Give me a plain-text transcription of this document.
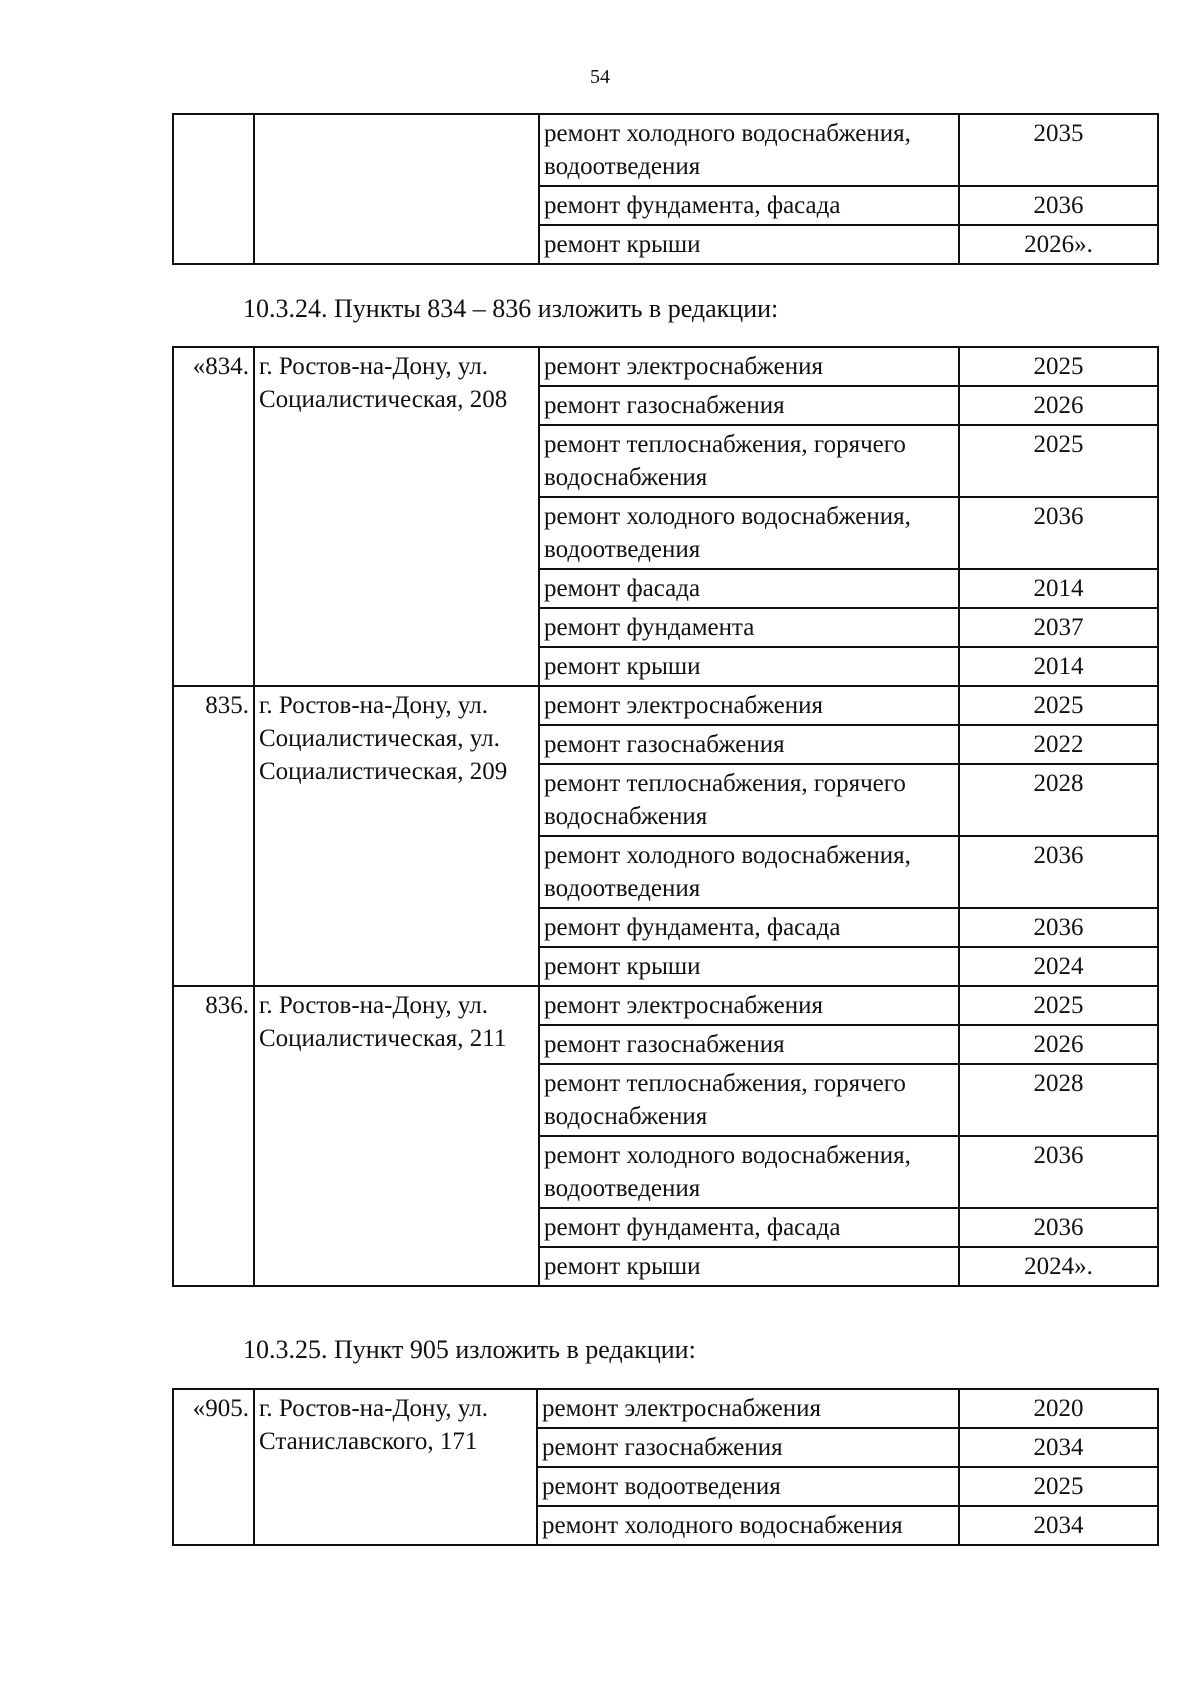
54

		ремонт холодного водоснабжения, водоотведения	2035
		ремонт фундамента, фасада	2036
		ремонт крыши	2026».
10.3.24. Пункты 834 – 836 изложить в редакции:
«834.	г. Ростов-на-Дону, ул. Социалистическая, 208	ремонт электроснабжения	2025
		ремонт газоснабжения	2026

		ремонт теплоснабжения, горячего водоснабжения	2025

		ремонт холодного водоснабжения, водоотведения	2036
		ремонт фасада	2014
		ремонт фундамента	2037
		ремонт крыши	2014
835.	г. Ростов-на-Дону, ул. Социалистическая, ул. Социалистическая, 209	ремонт электроснабжения	2025
		ремонт газоснабжения	2022

		ремонт теплоснабжения, горячего водоснабжения	2028

		ремонт холодного водоснабжения, водоотведения	2036
		ремонт фундамента, фасада	2036
		ремонт крыши	2024
836.	г. Ростов-на-Дону, ул. Социалистическая, 211	ремонт электроснабжения	2025
		ремонт газоснабжения	2026

		ремонт теплоснабжения, горячего водоснабжения	2028

		ремонт холодного водоснабжения, водоотведения	2036
		ремонт фундамента, фасада	2036
		ремонт крыши	2024».
10.3.25. Пункт 905 изложить в редакции:
«905.	г. Ростов-на-Дону, ул. Станиславского, 171	ремонт электроснабжения	2020
		ремонт газоснабжения	2034
		ремонт водоотведения	2025
		ремонт холодного водоснабжения	2034
